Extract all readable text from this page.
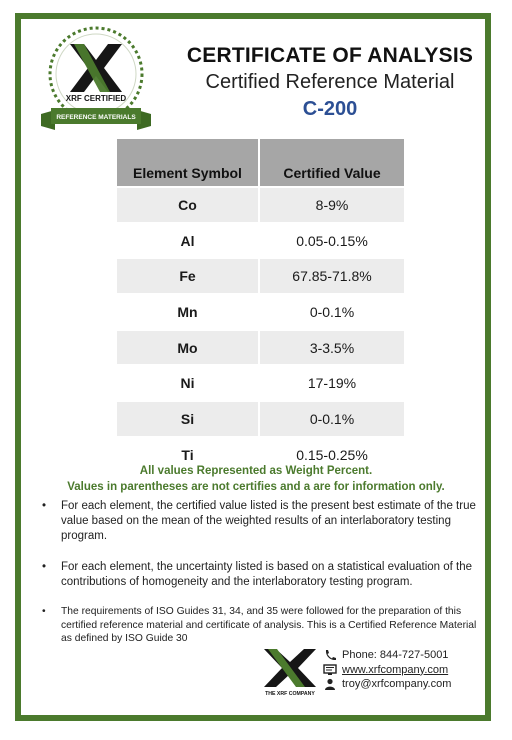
XRF CERTIFIED
REFERENCE MATERIALS
CERTIFICATE OF ANALYSIS
Certified Reference Material
C-200
Element Symbol	Certified Value
Co	8-9%
Al	0.05-0.15%
Fe	67.85-71.8%
Mn	0-0.1%
Mo	3-3.5%
Ni	17-19%
Si	0-0.1%
Ti	0.15-0.25%
All values Represented as Weight Percent.
Values in parentheses are not certifies and a are for information only.
• For each element, the certified value listed is the present best estimate of the true value based on the mean of the weighted results of an interlaboratory testing program.
• For each element, the uncertainty listed is based on a statistical evaluation of the contributions of homogeneity and the interlaboratory testing program.
• The requirements of ISO Guides 31, 34, and 35 were followed for the preparation of this certified reference material and certificate of analysis. This is a Certified Reference Material as defined by ISO Guide 30
THE XRF COMPANY
Phone: 844-727-5001
www.xrfcompany.com
troy@xrfcompany.com
